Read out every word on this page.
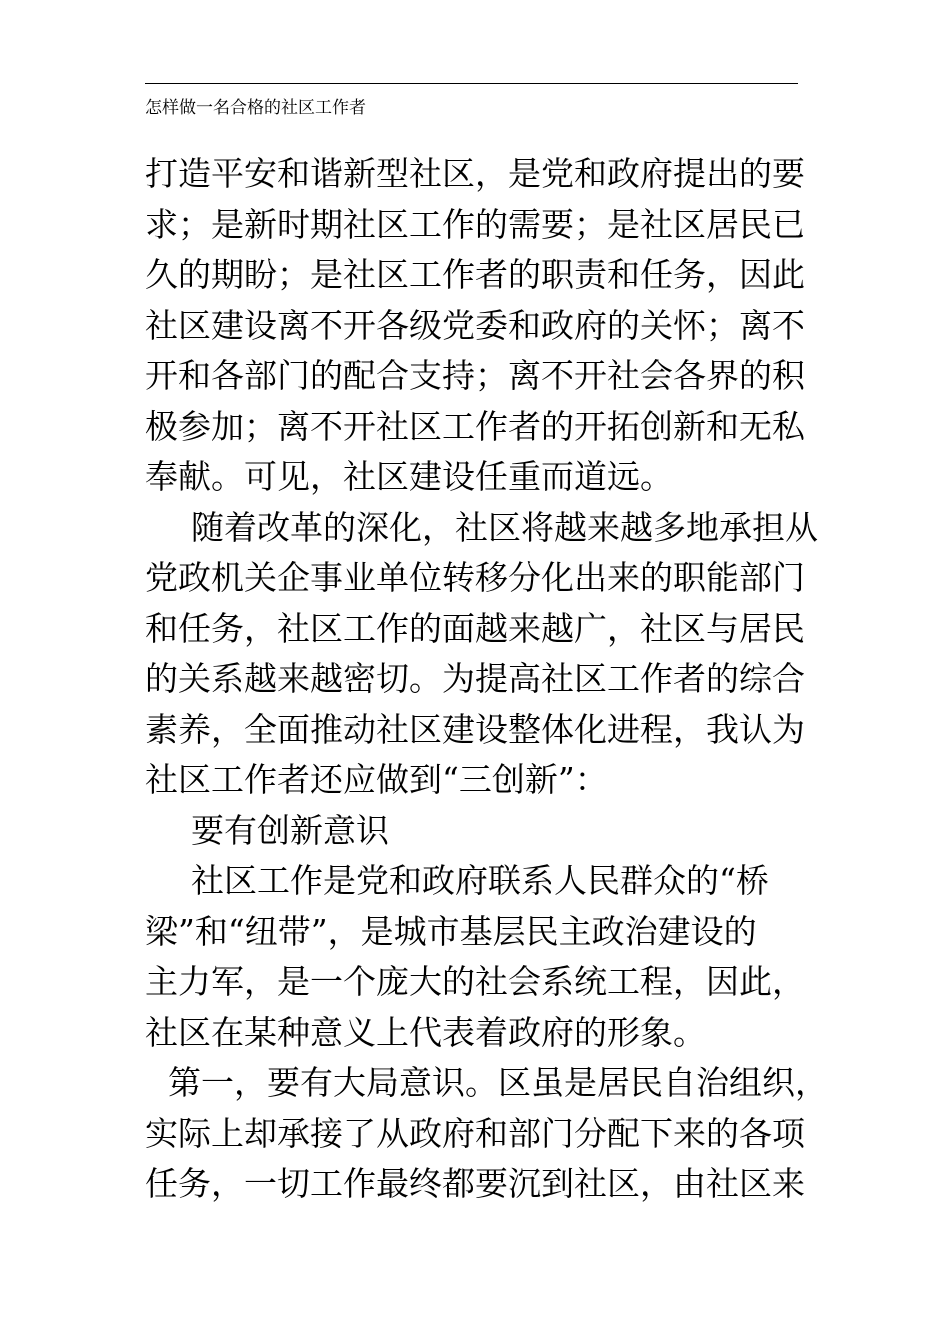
怎样做一名合格的社区工作者
打造平安和谐新型社区，是党和政府提出的要
求；是新时期社区工作的需要；是社区居民已
久的期盼；是社区工作者的职责和任务，因此
社区建设离不开各级党委和政府的关怀；离不
开和各部门的配合支持；离不开社会各界的积
极参加；离不开社区工作者的开拓创新和无私
奉献。可见，社区建设任重而道远。
随着改革的深化，社区将越来越多地承担从
党政机关企事业单位转移分化出来的职能部门
和任务，社区工作的面越来越广，社区与居民
的关系越来越密切。为提高社区工作者的综合
素养，全面推动社区建设整体化进程，我认为
社区工作者还应做到“三创新”：
要有创新意识
社区工作是党和政府联系人民群众的“桥
梁”和“纽带”，是城市基层民主政治建设的
主力军，是一个庞大的社会系统工程，因此，
社区在某种意义上代表着政府的形象。
第一，要有大局意识。区虽是居民自治组织，
实际上却承接了从政府和部门分配下来的各项
任务，一切工作最终都要沉到社区，由社区来
